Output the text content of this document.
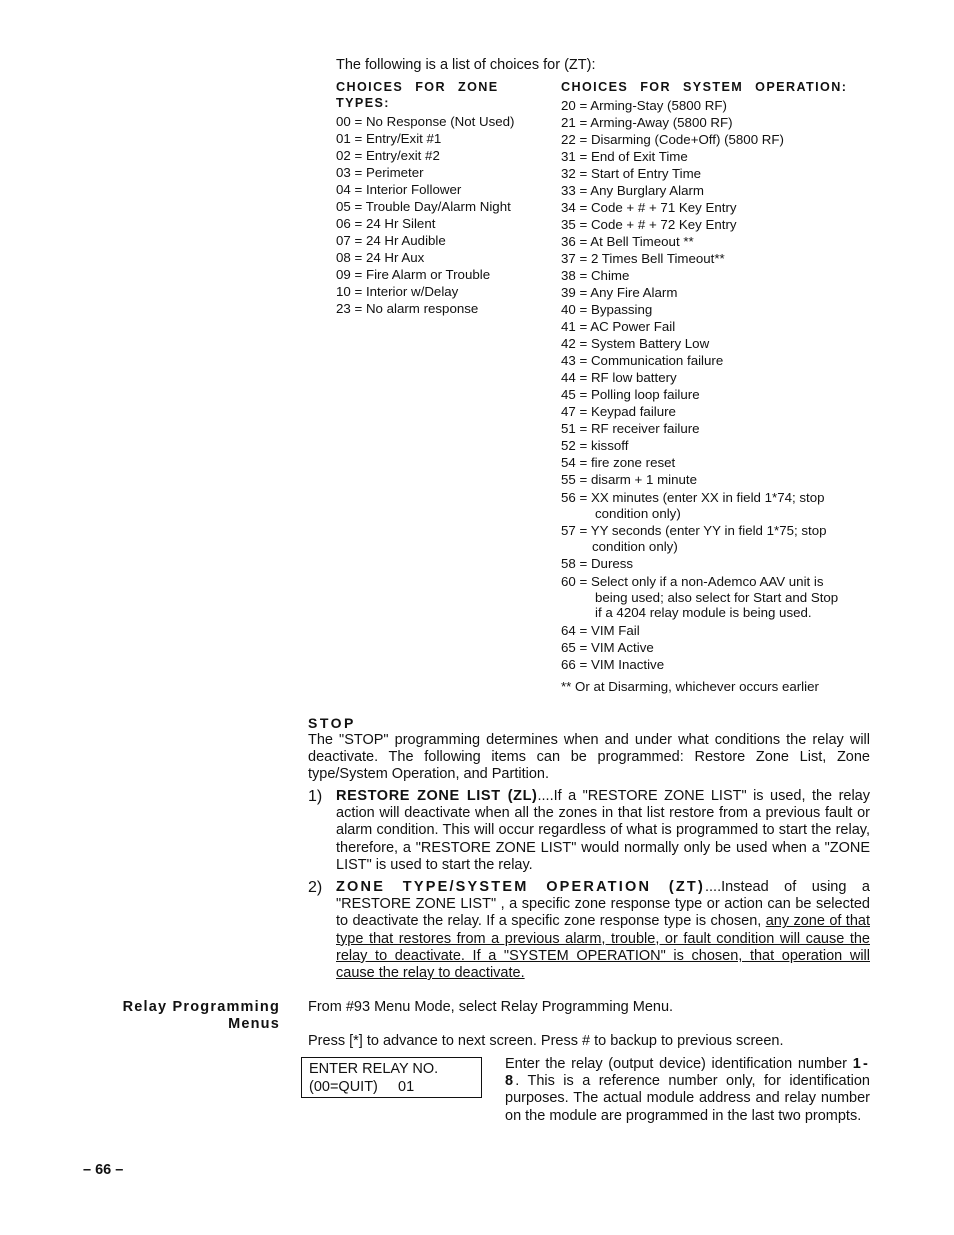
The following is a list of choices for (ZT):
CHOICES FOR ZONE
TYPES:
00 = No Response (Not Used)
01 = Entry/Exit #1
02 = Entry/exit #2
03 = Perimeter
04 = Interior Follower
05 = Trouble Day/Alarm Night
06 = 24 Hr Silent
07 = 24 Hr Audible
08 = 24 Hr Aux
09 = Fire Alarm or Trouble
10 = Interior w/Delay
23 = No alarm response
CHOICES FOR SYSTEM OPERATION:
20 = Arming-Stay (5800 RF)
21 = Arming-Away (5800 RF)
22 = Disarming (Code+Off) (5800 RF)
31 = End of Exit Time
32 = Start of Entry Time
33 = Any Burglary Alarm
34 = Code + # + 71 Key Entry
35 = Code + # + 72 Key Entry
36 = At Bell Timeout **
37 = 2 Times Bell Timeout**
38 = Chime
39 = Any Fire Alarm
40 = Bypassing
41 = AC Power Fail
42 = System Battery Low
43 = Communication failure
44 = RF low battery
45 = Polling loop failure
47 = Keypad failure
51 = RF receiver failure
52 = kissoff
54 = fire zone reset
55 = disarm + 1 minute
56 = XX minutes (enter XX in field 1*74; stop
condition only)
57 = YY seconds (enter YY in field 1*75; stop
condition only)
58 = Duress
60 = Select only if a non-Ademco AAV unit is
being used; also select for Start and Stop
if a 4204 relay module is being used.
64 = VIM Fail
65 = VIM Active
66 = VIM Inactive
** Or at Disarming, whichever occurs earlier
STOP
The "STOP" programming determines when and under what conditions the relay will deactivate. The following items can be programmed: Restore Zone List, Zone type/System Operation, and Partition.
1) RESTORE ZONE LIST (ZL)....If a "RESTORE ZONE LIST" is used, the relay action will deactivate when all the zones in that list restore from a previous fault or alarm condition. This will occur regardless of what is programmed to start the relay, therefore, a "RESTORE ZONE LIST" would normally only be used when a "ZONE LIST" is used to start the relay.
2) ZONE TYPE/SYSTEM OPERATION (ZT)....Instead of using a "RESTORE ZONE LIST" , a specific zone response type or action can be selected to deactivate the relay. If a specific zone response type is chosen, any zone of that type that restores from a previous alarm, trouble, or fault condition will cause the relay to deactivate. If a "SYSTEM OPERATION" is chosen, that operation will cause the relay to deactivate.
Relay Programming
Menus
From #93 Menu Mode, select Relay Programming Menu.
Press [*] to advance to next screen. Press # to backup to previous screen.
ENTER RELAY NO.
(00=QUIT)     01
Enter the relay (output device) identification number 1-8. This is a reference number only, for identification purposes. The actual module address and relay number on the module are programmed in the last two prompts.
– 66 –
